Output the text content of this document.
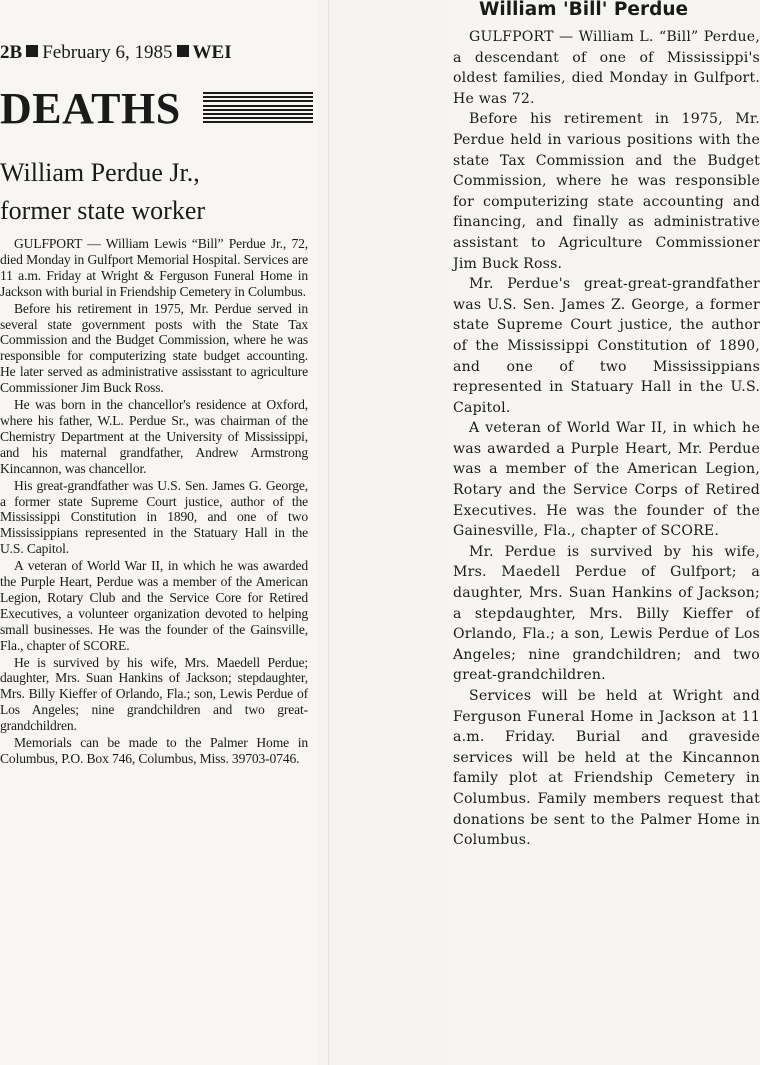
2B February 6, 1985 WEI
DEATHS
William Perdue Jr.,
former state worker

GULFPORT — William Lewis “Bill” Perdue Jr., 72, died Monday in Gulfport Memorial Hospital. Services are 11 a.m. Friday at Wright & Ferguson Funeral Home in Jackson with burial in Friendship Cemetery in Columbus.

Before his retirement in 1975, Mr. Perdue served in several state government posts with the State Tax Commission and the Budget Commission, where he was responsible for computerizing state budget accounting. He later served as administrative assisstant to agriculture Commissioner Jim Buck Ross.

He was born in the chancellor's residence at Oxford, where his father, W.L. Perdue Sr., was chairman of the Chemistry Department at the University of Mississippi, and his maternal grandfather, Andrew Armstrong Kincannon, was chancellor.

His great-grandfather was U.S. Sen. James G. George, a former state Supreme Court justice, author of the Mississippi Constitution in 1890, and one of two Mississippians represented in the Statuary Hall in the U.S. Capitol.

A veteran of World War II, in which he was awarded the Purple Heart, Perdue was a member of the American Legion, Rotary Club and the Service Core for Retired Executives, a volunteer organization devoted to helping small businesses. He was the founder of the Gainsville, Fla., chapter of SCORE.

He is survived by his wife, Mrs. Maedell Perdue; daughter, Mrs. Suan Hankins of Jackson; stepdaughter, Mrs. Billy Kieffer of Orlando, Fla.; son, Lewis Perdue of Los Angeles; nine grandchildren and two great-grandchildren.

Memorials can be made to the Palmer Home in Columbus, P.O. Box 746, Columbus, Miss. 39703-0746.

William 'Bill' Perdue

GULFPORT — William L. “Bill” Perdue, a descendant of one of Mississippi's oldest families, died Monday in Gulfport. He was 72.

Before his retirement in 1975, Mr. Perdue held in various positions with the state Tax Commission and the Budget Commission, where he was responsible for computerizing state accounting and financing, and finally as administrative assistant to Agriculture Commissioner Jim Buck Ross.

Mr. Perdue's great-great-grandfather was U.S. Sen. James Z. George, a former state Supreme Court justice, the author of the Mississippi Constitution of 1890, and one of two Mississippians represented in Statuary Hall in the U.S. Capitol.

A veteran of World War II, in which he was awarded a Purple Heart, Mr. Perdue was a member of the American Legion, Rotary and the Service Corps of Retired Executives. He was the founder of the Gainesville, Fla., chapter of SCORE.

Mr. Perdue is survived by his wife, Mrs. Maedell Perdue of Gulfport; a daughter, Mrs. Suan Hankins of Jackson; a stepdaughter, Mrs. Billy Kieffer of Orlando, Fla.; a son, Lewis Perdue of Los Angeles; nine grandchildren; and two great-grandchildren.

Services will be held at Wright and Ferguson Funeral Home in Jackson at 11 a.m. Friday. Burial and graveside services will be held at the Kincannon family plot at Friendship Cemetery in Columbus. Family members request that donations be sent to the Palmer Home in Columbus.
